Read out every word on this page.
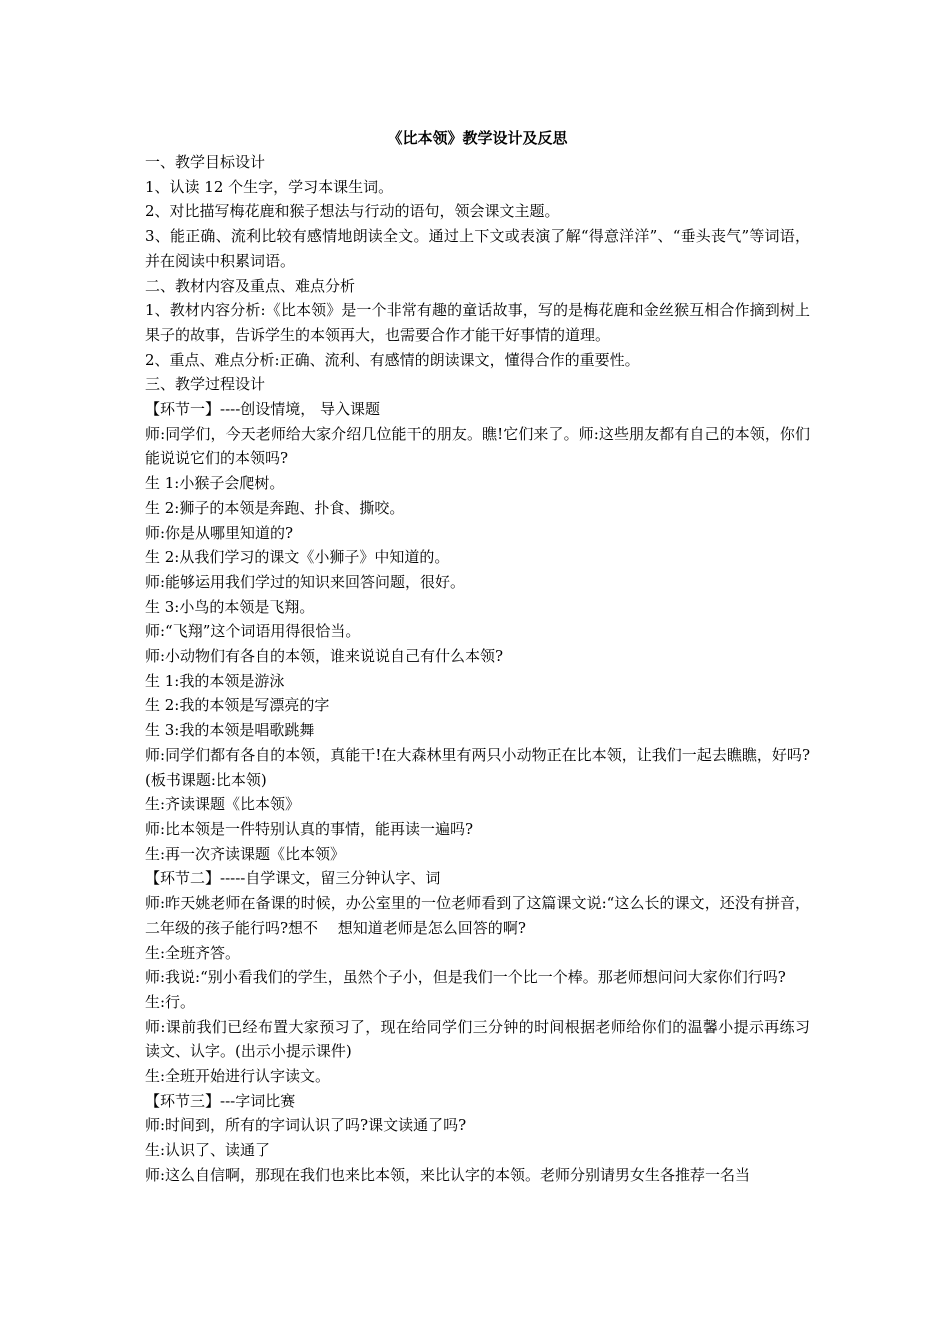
《比本领》教学设计及反思

一、教学目标设计

1、认读 12 个生字，学习本课生词。

2、对比描写梅花鹿和猴子想法与行动的语句，领会课文主题。

3、能正确、流利比较有感情地朗读全文。通过上下文或表演了解“得意洋洋”、“垂头丧气”等词语，并在阅读中积累词语。

二、教材内容及重点、难点分析

1、教材内容分析:《比本领》是一个非常有趣的童话故事，写的是梅花鹿和金丝猴互相合作摘到树上果子的故事，告诉学生的本领再大，也需要合作才能干好事情的道理。

2、重点、难点分析:正确、流利、有感情的朗读课文，懂得合作的重要性。

三、教学过程设计

【环节一】----创设情境， 导入课题

师:同学们，今天老师给大家介绍几位能干的朋友。瞧!它们来了。师:这些朋友都有自己的本领，你们能说说它们的本领吗?

生 1:小猴子会爬树。

生 2:狮子的本领是奔跑、扑食、撕咬。

师:你是从哪里知道的?

生 2:从我们学习的课文《小狮子》中知道的。

师:能够运用我们学过的知识来回答问题，很好。

生 3:小鸟的本领是飞翔。

师:“飞翔”这个词语用得很恰当。

师:小动物们有各自的本领，谁来说说自己有什么本领?

生 1:我的本领是游泳

生 2:我的本领是写漂亮的字

生 3:我的本领是唱歌跳舞

师:同学们都有各自的本领，真能干!在大森林里有两只小动物正在比本领，让我们一起去瞧瞧，好吗?(板书课题:比本领)

生:齐读课题《比本领》

师:比本领是一件特别认真的事情，能再读一遍吗?

生:再一次齐读课题《比本领》

【环节二】-----自学课文，留三分钟认字、词

师:昨天姚老师在备课的时候，办公室里的一位老师看到了这篇课文说:“这么长的课文，还没有拼音，二年级的孩子能行吗?想不　 想知道老师是怎么回答的啊?

生:全班齐答。

师:我说:“别小看我们的学生，虽然个子小，但是我们一个比一个棒。那老师想问问大家你们行吗?

生:行。

师:课前我们已经布置大家预习了，现在给同学们三分钟的时间根据老师给你们的温馨小提示再练习读文、认字。(出示小提示课件)

生:全班开始进行认字读文。

【环节三】---字词比赛

师:时间到，所有的字词认识了吗?课文读通了吗?

生:认识了、读通了

师:这么自信啊，那现在我们也来比本领，来比认字的本领。老师分别请男女生各推荐一名当
